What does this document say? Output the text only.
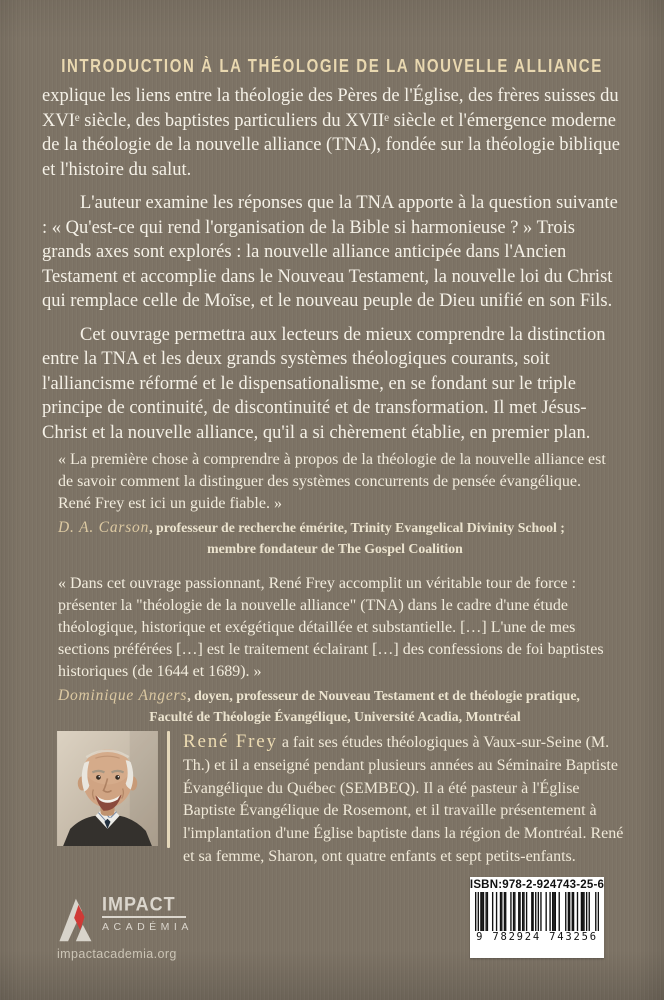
INTRODUCTION À LA THÉOLOGIE DE LA NOUVELLE ALLIANCE

explique les liens entre la théologie des Pères de l'Église, des frères suisses du XVIᵉ siècle, des baptistes particuliers du XVIIᵉ siècle et l'émergence moderne de la théologie de la nouvelle alliance (TNA), fondée sur la théologie biblique et l'histoire du salut.

L'auteur examine les réponses que la TNA apporte à la question suivante : « Qu'est-ce qui rend l'organisation de la Bible si harmonieuse ? » Trois grands axes sont explorés : la nouvelle alliance anticipée dans l'Ancien Testament et accomplie dans le Nouveau Testament, la nouvelle loi du Christ qui remplace celle de Moïse, et le nouveau peuple de Dieu unifié en son Fils.

Cet ouvrage permettra aux lecteurs de mieux comprendre la distinction entre la TNA et les deux grands systèmes théologiques courants, soit l'alliancisme réformé et le dispensationalisme, en se fondant sur le triple principe de continuité, de discontinuité et de transformation. Il met Jésus-Christ et la nouvelle alliance, qu'il a si chèrement établie, en premier plan.

« La première chose à comprendre à propos de la théologie de la nouvelle alliance est de savoir comment la distinguer des systèmes concurrents de pensée évangélique. René Frey est ici un guide fiable. »

D. A. Carson, professeur de recherche émérite, Trinity Evangelical Divinity School ;

membre fondateur de The Gospel Coalition

« Dans cet ouvrage passionnant, René Frey accomplit un véritable tour de force : présenter la "théologie de la nouvelle alliance" (TNA) dans le cadre d'une étude théologique, historique et exégétique détaillée et substantielle. […] L'une de mes sections préférées […] est le traitement éclairant […] des confessions de foi baptistes historiques (de 1644 et 1689). »

Dominique Angers, doyen, professeur de Nouveau Testament et de théologie pratique,

Faculté de Théologie Évangélique, Université Acadia, Montréal

René Frey a fait ses études théologiques à Vaux-sur-Seine (M. Th.) et il a enseigné pendant plusieurs années au Séminaire Baptiste Évangélique du Québec (SEMBEQ). Il a été pasteur à l'Église Baptiste Évangélique de Rosemont, et il travaille présentement à l'implantation d'une Église baptiste dans la région de Montréal. René et sa femme, Sharon, ont quatre enfants et sept petits-enfants.

IMPACT
ACADÉMIA
impactacademia.org
ISBN:978-2-924743-25-6
9 782924 743256
